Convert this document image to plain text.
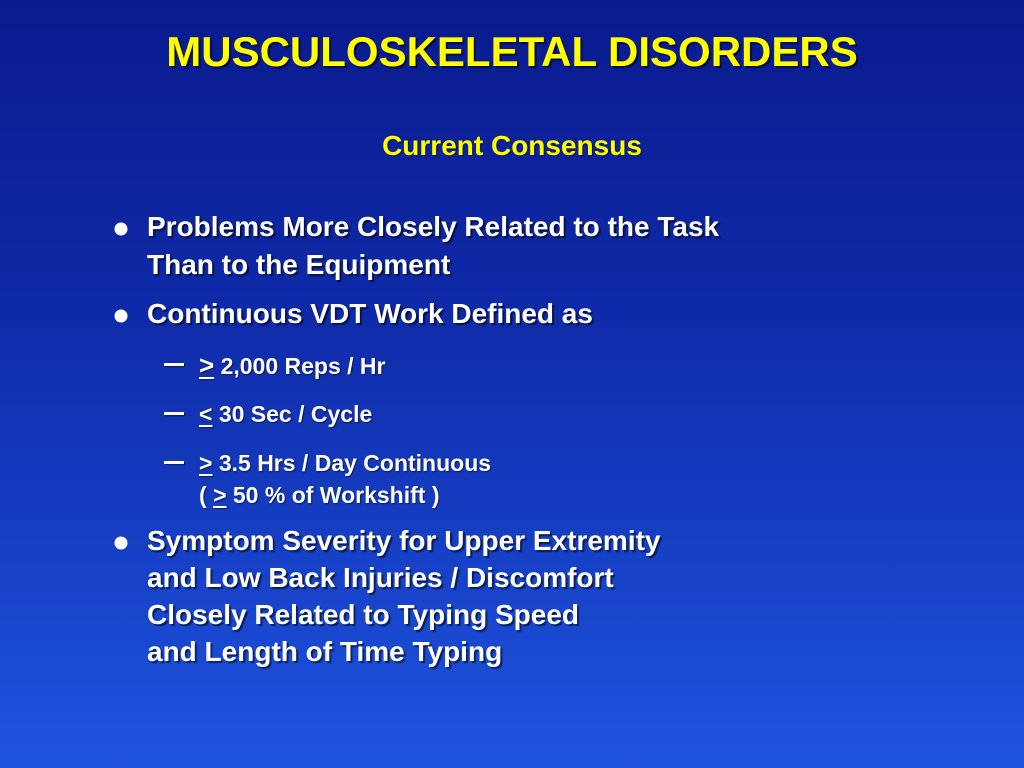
MUSCULOSKELETAL DISORDERS
Current Consensus
Problems More Closely Related to the Task
Than to the Equipment
Continuous VDT Work Defined as
≥ 2,000 Reps / Hr
≤ 30 Sec / Cycle
≥ 3.5 Hrs / Day Continuous
( ≥ 50 % of Workshift )
Symptom Severity for Upper Extremity
and Low Back Injuries / Discomfort
Closely Related to Typing Speed
and Length of Time Typing
